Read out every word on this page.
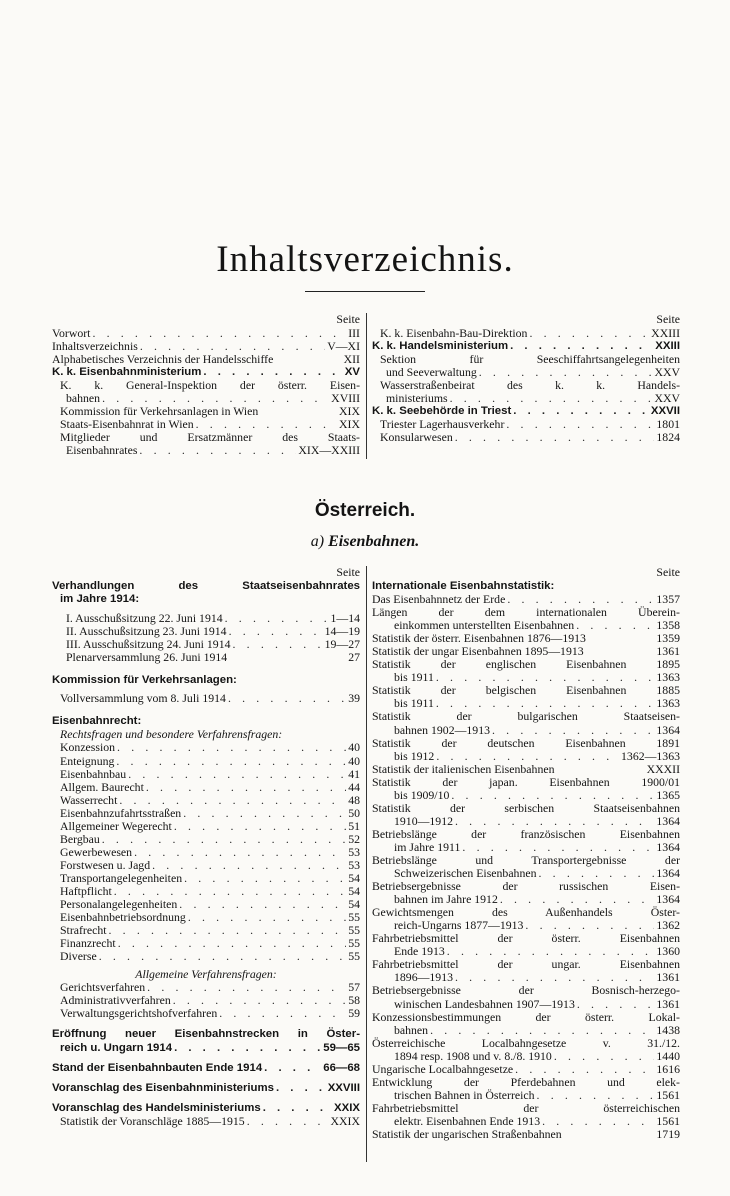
Inhaltsverzeichnis.
Seite
Vorwort . . .	III
Inhaltsverzeichnis . . .	V—XI
Alphabetisches Verzeichnis der Handelsschiffe	XII
K. k. Eisenbahnministerium . . .	XV
K. k. General-Inspektion der österr. Eisen-
bahnen . . .	XVIII
Kommission für Verkehrsanlagen in Wien	XIX
Staats-Eisenbahnrat in Wien . . .	XIX
Mitglieder und Ersatzmänner des Staats-
Eisenbahnrates . . .	XIX—XXIII
Seite
K. k. Eisenbahn-Bau-Direktion . . .	XXIII
K. k. Handelsministerium . . .	XXIII
Sektion für Seeschiffahrtsangelegenheiten
und Seeverwaltung . . .	XXV
Wasserstraßenbeirat des k. k. Handels-
ministeriums . . .	XXV
K. k. Seebehörde in Triest . . .	XXVII
Triester Lagerhausverkehr . . .	1801
Konsularwesen . . .	1824
Österreich.
a) Eisenbahnen.
Seite
Verhandlungen des Staatseisenbahnrates
im Jahre 1914:
I. Ausschußsitzung 22. Juni 1914 . . .	1—14
II. Ausschußsitzung 23. Juni 1914 . . .	14—19
III. Ausschußsitzung 24. Juni 1914 . . .	19—27
Plenarversammlung 26. Juni 1914	27
Kommission für Verkehrsanlagen:
Vollversammlung vom 8. Juli 1914 . . .	39
Eisenbahnrecht:
Rechtsfragen und besondere Verfahrensfragen:
Konzession . . .	40
Enteignung . . .	40
Eisenbahnbau . . .	41
Allgem. Baurecht . . .	44
Wasserrecht . . .	48
Eisenbahnzufahrtsstraßen . . .	50
Allgemeiner Wegerecht . . .	51
Bergbau . . .	52
Gewerbewesen . . .	53
Forstwesen u. Jagd . . .	53
Transportangelegenheiten . . .	54
Haftpflicht . . .	54
Personalangelegenheiten . . .	54
Eisenbahnbetriebsordnung . . .	55
Strafrecht . . .	55
Finanzrecht . . .	55
Diverse . . .	55
Allgemeine Verfahrensfragen:
Gerichtsverfahren . . .	57
Administrativverfahren . . .	58
Verwaltungsgerichtshofverfahren . . .	59
Eröffnung neuer Eisenbahnstrecken in Öster-
reich u. Ungarn 1914 . . .	59—65
Stand der Eisenbahnbauten Ende 1914 . . .	66—68
Voranschlag des Eisenbahnministeriums . . .	XXVIII
Voranschlag des Handelsministeriums . . .	XXIX
Statistik der Voranschläge 1885—1915 . . .	XXIX
Seite
Internationale Eisenbahnstatistik:
Das Eisenbahnnetz der Erde . . .	1357
Längen der dem internationalen Überein-
einkommen unterstellten Eisenbahnen . . .	1358
Statistik der österr. Eisenbahnen 1876—1913	1359
Statistik der ungar Eisenbahnen 1895—1913	1361
Statistik der englischen Eisenbahnen 1895
bis 1911 . . .	1363
Statistik der belgischen Eisenbahnen 1885
bis 1911 . . .	1363
Statistik der bulgarischen Staatseisen-
bahnen 1902—1913 . . .	1364
Statistik der deutschen Eisenbahnen 1891
bis 1912 . . .	1362—1363
Statistik der italienischen Eisenbahnen	XXXII
Statistik der japan. Eisenbahnen 1900/01
bis 1909/10 . . .	1365
Statistik der serbischen Staatseisenbahnen
1910—1912 . . .	1364
Betriebslänge der französischen Eisenbahnen
im Jahre 1911 . . .	1364
Betriebslänge und Transportergebnisse der
Schweizerischen Eisenbahnen . . .	1364
Betriebsergebnisse der russischen Eisen-
bahnen im Jahre 1912 . . .	1364
Gewichtsmengen des Außenhandels Öster-
reich-Ungarns 1877—1913 . . .	1362
Fahrbetriebsmittel der österr. Eisenbahnen
Ende 1913 . . .	1360
Fahrbetriebsmittel der ungar. Eisenbahnen
1896—1913 . . .	1361
Betriebsergebnisse der Bosnisch-herzego-
winischen Landesbahnen 1907—1913 . . .	1361
Konzessionsbestimmungen der österr. Lokal-
bahnen . . .	1438
Österreichische Localbahngesetze v. 31./12.
1894 resp. 1908 und v. 8./8. 1910 . . .	1440
Ungarische Localbahngesetze . . .	1616
Entwicklung der Pferdebahnen und elek-
trischen Bahnen in Österreich . . .	1561
Fahrbetriebsmittel der österreichischen
elektr. Eisenbahnen Ende 1913 . . .	1561
Statistik der ungarischen Straßenbahnen	1719
